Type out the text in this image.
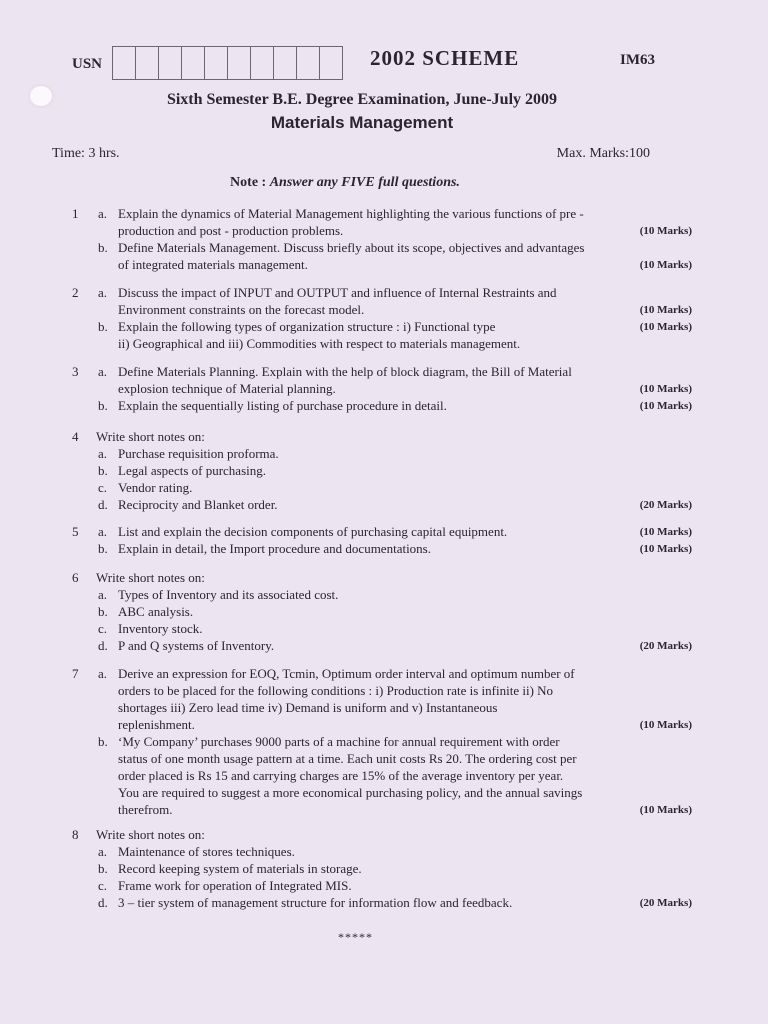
USN	2002 SCHEME	IM63
Sixth Semester B.E. Degree Examination, June-July 2009
Materials Management
Time: 3 hrs.	Max. Marks:100
Note : Answer any FIVE full questions.
1 a. Explain the dynamics of Material Management highlighting the various functions of pre -
production and post - production problems.	(10 Marks)
b. Define Materials Management. Discuss briefly about its scope, objectives and advantages
of integrated materials management.	(10 Marks)
2 a. Discuss the impact of INPUT and OUTPUT and influence of Internal Restraints and
Environment constraints on the forecast model.	(10 Marks)
b. Explain the following types of organization structure : i) Functional type	(10 Marks)
ii) Geographical and iii) Commodities with respect to materials management.
3 a. Define Materials Planning. Explain with the help of block diagram, the Bill of Material
explosion technique of Material planning.	(10 Marks)
b. Explain the sequentially listing of purchase procedure in detail.	(10 Marks)
4 Write short notes on:
a. Purchase requisition proforma.
b. Legal aspects of purchasing.
c. Vendor rating.
d. Reciprocity and Blanket order.	(20 Marks)
5 a. List and explain the decision components of purchasing capital equipment.	(10 Marks)
b. Explain in detail, the Import procedure and documentations.	(10 Marks)
6 Write short notes on:
a. Types of Inventory and its associated cost.
b. ABC analysis.
c. Inventory stock.
d. P and Q systems of Inventory.	(20 Marks)
7 a. Derive an expression for EOQ, Tcmin, Optimum order interval and optimum number of
orders to be placed for the following conditions : i) Production rate is infinite ii) No
shortages iii) Zero lead time iv) Demand is uniform and v) Instantaneous
replenishment.	(10 Marks)
b. ‘My Company’ purchases 9000 parts of a machine for annual requirement with order
status of one month usage pattern at a time. Each unit costs Rs 20. The ordering cost per
order placed is Rs 15 and carrying charges are 15% of the average inventory per year.
You are required to suggest a more economical purchasing policy, and the annual savings
therefrom.	(10 Marks)
8 Write short notes on:
a. Maintenance of stores techniques.
b. Record keeping system of materials in storage.
c. Frame work for operation of Integrated MIS.
d. 3 – tier system of management structure for information flow and feedback.	(20 Marks)
*****
